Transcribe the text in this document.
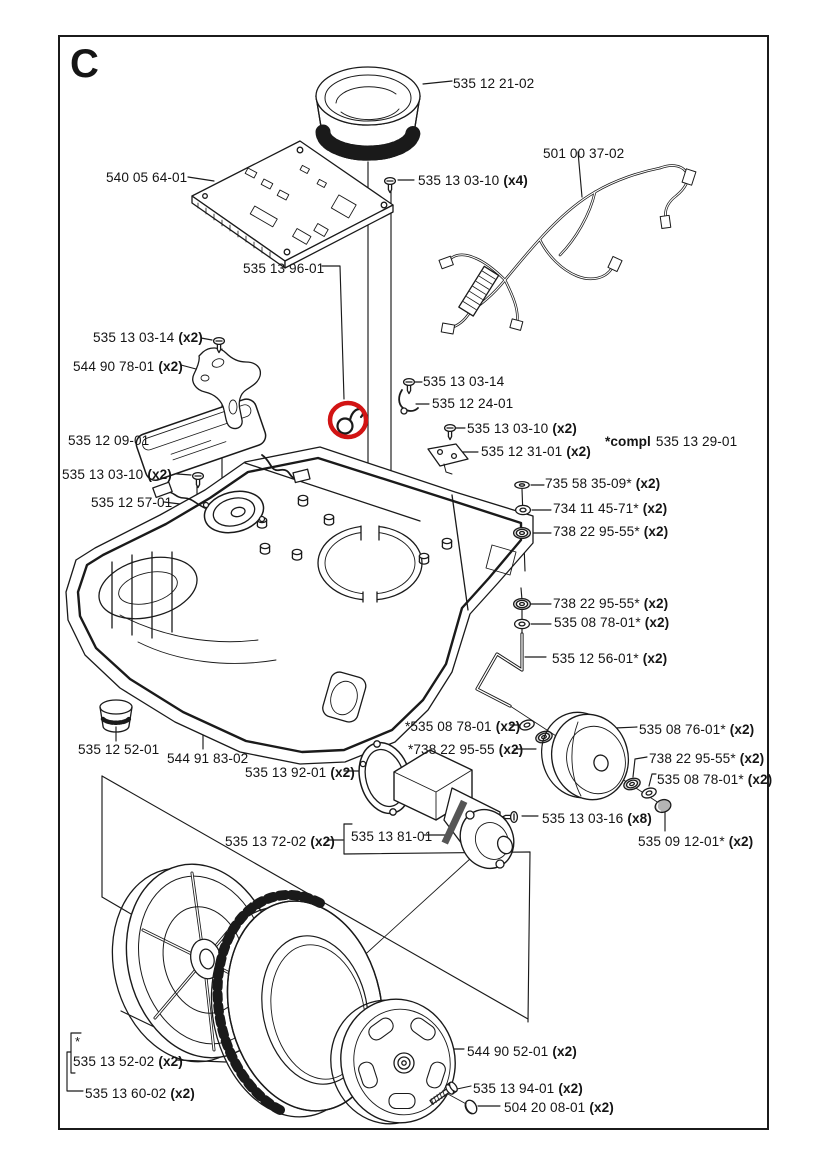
C	535 12 21-02
540 05 64-01	535 13 03-10 (x4)
501 00 37-02
535 13 96-01
535 13 03-14 (x2)
544 90 78-01 (x2)
535 12 09-01
535 13 03-10 (x2)
535 12 57-01
535 13 03-14
535 12 24-01
535 13 03-10 (x2)
535 12 31-01 (x2)
*compl 535 13 29-01
735 58 35-09* (x2)
734 11 45-71* (x2)
738 22 95-55* (x2)
738 22 95-55* (x2)
535 08 78-01* (x2)
535 12 56-01* (x2)
535 12 52-01
544 91 83-02
535 13 92-01 (x2)
*535 08 78-01 (x2)
*738 22 95-55 (x2)
535 08 76-01* (x2)
738 22 95-55* (x2)
535 08 78-01* (x2)
535 13 03-16 (x8)
535 09 12-01* (x2)
535 13 72-02 (x2) 535 13 81-01
535 13 52-02 (x2)
535 13 60-02 (x2)
544 90 52-01 (x2)
535 13 94-01 (x2)
504 20 08-01 (x2)
*
